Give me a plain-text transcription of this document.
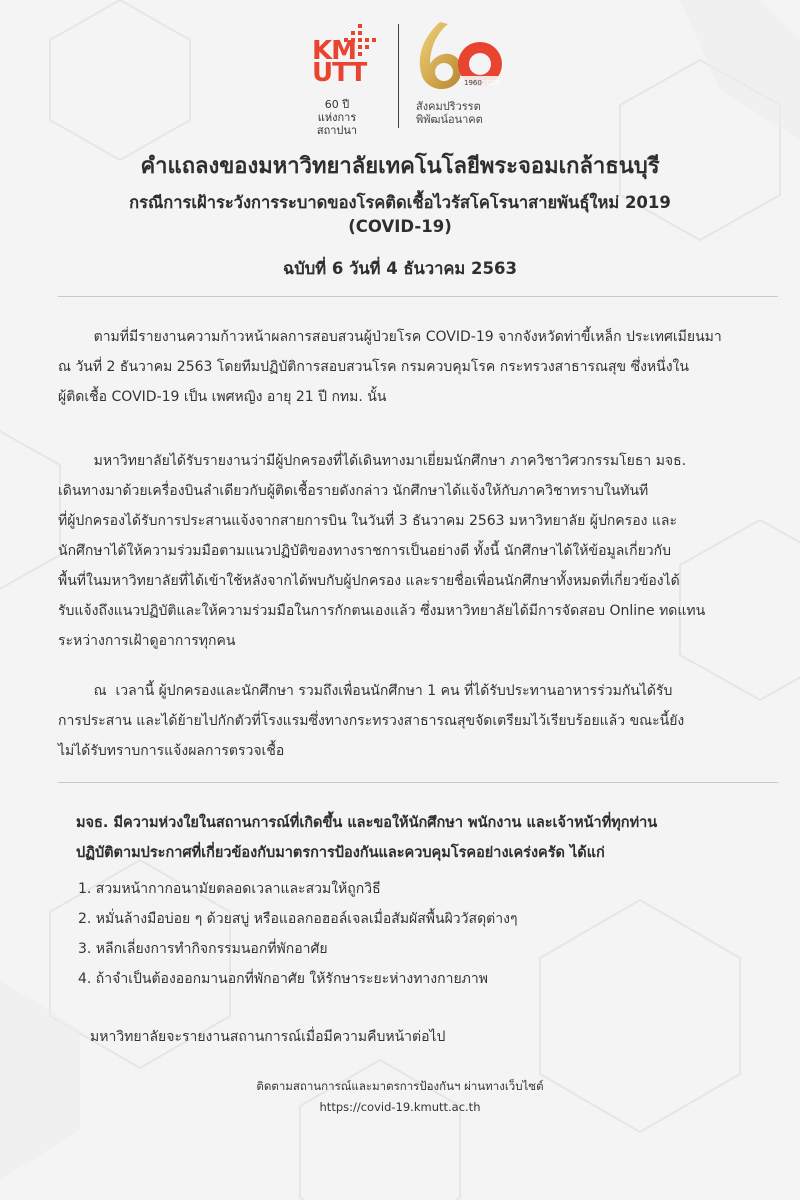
KM
UTT
60 ปี
แห่งการสถาปนา
1960 2020
สังคมปริวรรต
พิพัฒน์อนาคต
คำแถลงของมหาวิทยาลัยเทคโนโลยีพระจอมเกล้าธนบุรี
กรณีการเฝ้าระวังการระบาดของโรคติดเชื้อไวรัสโคโรนาสายพันธุ์ใหม่ 2019
(COVID-19)
ฉบับที่ 6 วันที่ 4 ธันวาคม 2563
ตามที่มีรายงานความก้าวหน้าผลการสอบสวนผู้ป่วยโรค COVID-19 จากจังหวัดท่าขี้เหล็ก ประเทศเมียนมา
ณ วันที่ 2 ธันวาคม 2563 โดยทีมปฏิบัติการสอบสวนโรค กรมควบคุมโรค กระทรวงสาธารณสุข ซึ่งหนึ่งใน
ผู้ติดเชื้อ COVID-19 เป็น เพศหญิง อายุ 21 ปี กทม. นั้น
มหาวิทยาลัยได้รับรายงานว่ามีผู้ปกครองที่ได้เดินทางมาเยี่ยมนักศึกษา ภาควิชาวิศวกรรมโยธา มจธ.
เดินทางมาด้วยเครื่องบินลำเดียวกับผู้ติดเชื้อรายดังกล่าว นักศึกษาได้แจ้งให้กับภาควิชาทราบในทันที
ที่ผู้ปกครองได้รับการประสานแจ้งจากสายการบิน ในวันที่ 3 ธันวาคม 2563 มหาวิทยาลัย ผู้ปกครอง และ
นักศึกษาได้ให้ความร่วมมือตามแนวปฏิบัติของทางราชการเป็นอย่างดี ทั้งนี้ นักศึกษาได้ให้ข้อมูลเกี่ยวกับ
พื้นที่ในมหาวิทยาลัยที่ได้เข้าใช้หลังจากได้พบกับผู้ปกครอง และรายชื่อเพื่อนนักศึกษาทั้งหมดที่เกี่ยวข้องได้
รับแจ้งถึงแนวปฏิบัติและให้ความร่วมมือในการกักตนเองแล้ว ซึ่งมหาวิทยาลัยได้มีการจัดสอบ Online ทดแทน
ระหว่างการเฝ้าดูอาการทุกคน
ณ  เวลานี้ ผู้ปกครองและนักศึกษา รวมถึงเพื่อนนักศึกษา 1 คน ที่ได้รับประทานอาหารร่วมกันได้รับ
การประสาน และได้ย้ายไปกักตัวที่โรงแรมซึ่งทางกระทรวงสาธารณสุขจัดเตรียมไว้เรียบร้อยแล้ว ขณะนี้ยัง
ไม่ได้รับทราบการแจ้งผลการตรวจเชื้อ
มจธ. มีความห่วงใยในสถานการณ์ที่เกิดขึ้น และขอให้นักศึกษา พนักงาน และเจ้าหน้าที่ทุกท่าน
ปฏิบัติตามประกาศที่เกี่ยวข้องกับมาตรการป้องกันและควบคุมโรคอย่างเคร่งครัด ได้แก่
1. สวมหน้ากากอนามัยตลอดเวลาและสวมให้ถูกวิธี
2. หมั่นล้างมือบ่อย ๆ ด้วยสบู่ หรือแอลกอฮอล์เจลเมื่อสัมผัสพื้นผิววัสดุต่างๆ
3. หลีกเลี่ยงการทำกิจกรรมนอกที่พักอาศัย
4. ถ้าจำเป็นต้องออกมานอกที่พักอาศัย ให้รักษาระยะห่างทางกายภาพ
มหาวิทยาลัยจะรายงานสถานการณ์เมื่อมีความคืบหน้าต่อไป
ติดตามสถานการณ์และมาตรการป้องกันฯ ผ่านทางเว็บไซต์
https://covid-19.kmutt.ac.th
